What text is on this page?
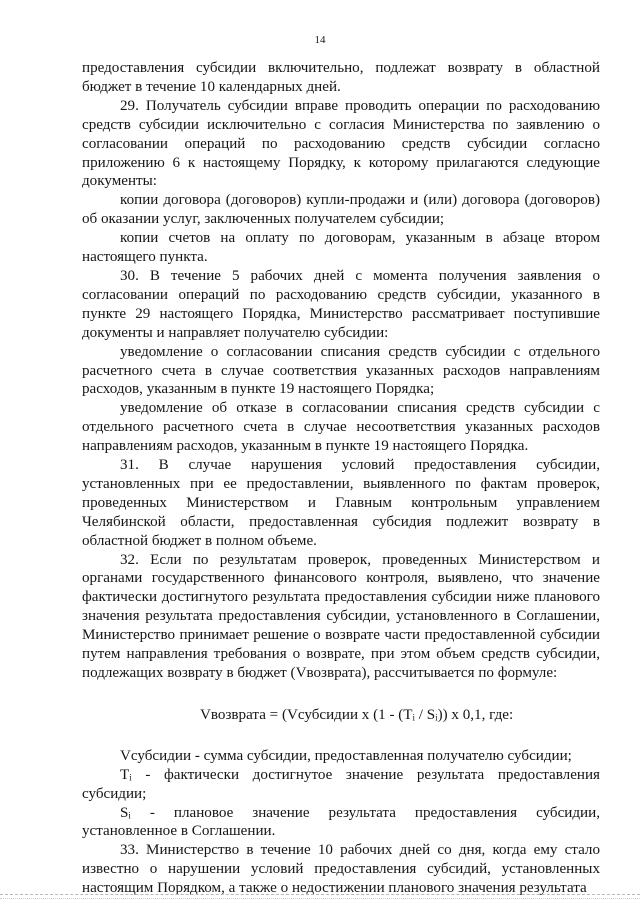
14

предоставления субсидии включительно, подлежат возврату в областной бюджет в течение 10 календарных дней.

29. Получатель субсидии вправе проводить операции по расходованию средств субсидии исключительно с согласия Министерства по заявлению о согласовании операций по расходованию средств субсидии согласно приложению 6 к настоящему Порядку, к которому прилагаются следующие документы:

копии договора (договоров) купли-продажи и (или) договора (договоров) об оказании услуг, заключенных получателем субсидии;

копии счетов на оплату по договорам, указанным в абзаце втором настоящего пункта.

30. В течение 5 рабочих дней с момента получения заявления о согласовании операций по расходованию средств субсидии, указанного в пункте 29 настоящего Порядка, Министерство рассматривает поступившие документы и направляет получателю субсидии:

уведомление о согласовании списания средств субсидии с отдельного расчетного счета в случае соответствия указанных расходов направлениям расходов, указанным в пункте 19 настоящего Порядка;

уведомление об отказе в согласовании списания средств субсидии с отдельного расчетного счета в случае несоответствия указанных расходов направлениям расходов, указанным в пункте 19 настоящего Порядка.

31. В случае нарушения условий предоставления субсидии, установленных при ее предоставлении, выявленного по фактам проверок, проведенных Министерством и Главным контрольным управлением Челябинской области, предоставленная субсидия подлежит возврату в областной бюджет в полном объеме.

32. Если по результатам проверок, проведенных Министерством и органами государственного финансового контроля, выявлено, что значение фактически достигнутого результата предоставления субсидии ниже планового значения результата предоставления субсидии, установленного в Соглашении, Министерство принимает решение о возврате части предоставленной субсидии путем направления требования о возврате, при этом объем средств субсидии, подлежащих возврату в бюджет (Vвозврата), рассчитывается по формуле:

Vвозврата = (Vсубсидии x (1 - (Tᵢ / Sᵢ)) x 0,1, где:

Vсубсидии - сумма субсидии, предоставленная получателю субсидии;

Tᵢ - фактически достигнутое значение результата предоставления субсидии;

Sᵢ - плановое значение результата предоставления субсидии, установленное в Соглашении.

33. Министерство в течение 10 рабочих дней со дня, когда ему стало известно о нарушении условий предоставления субсидий, установленных настоящим Порядком, а также о недостижении планового значения результата
